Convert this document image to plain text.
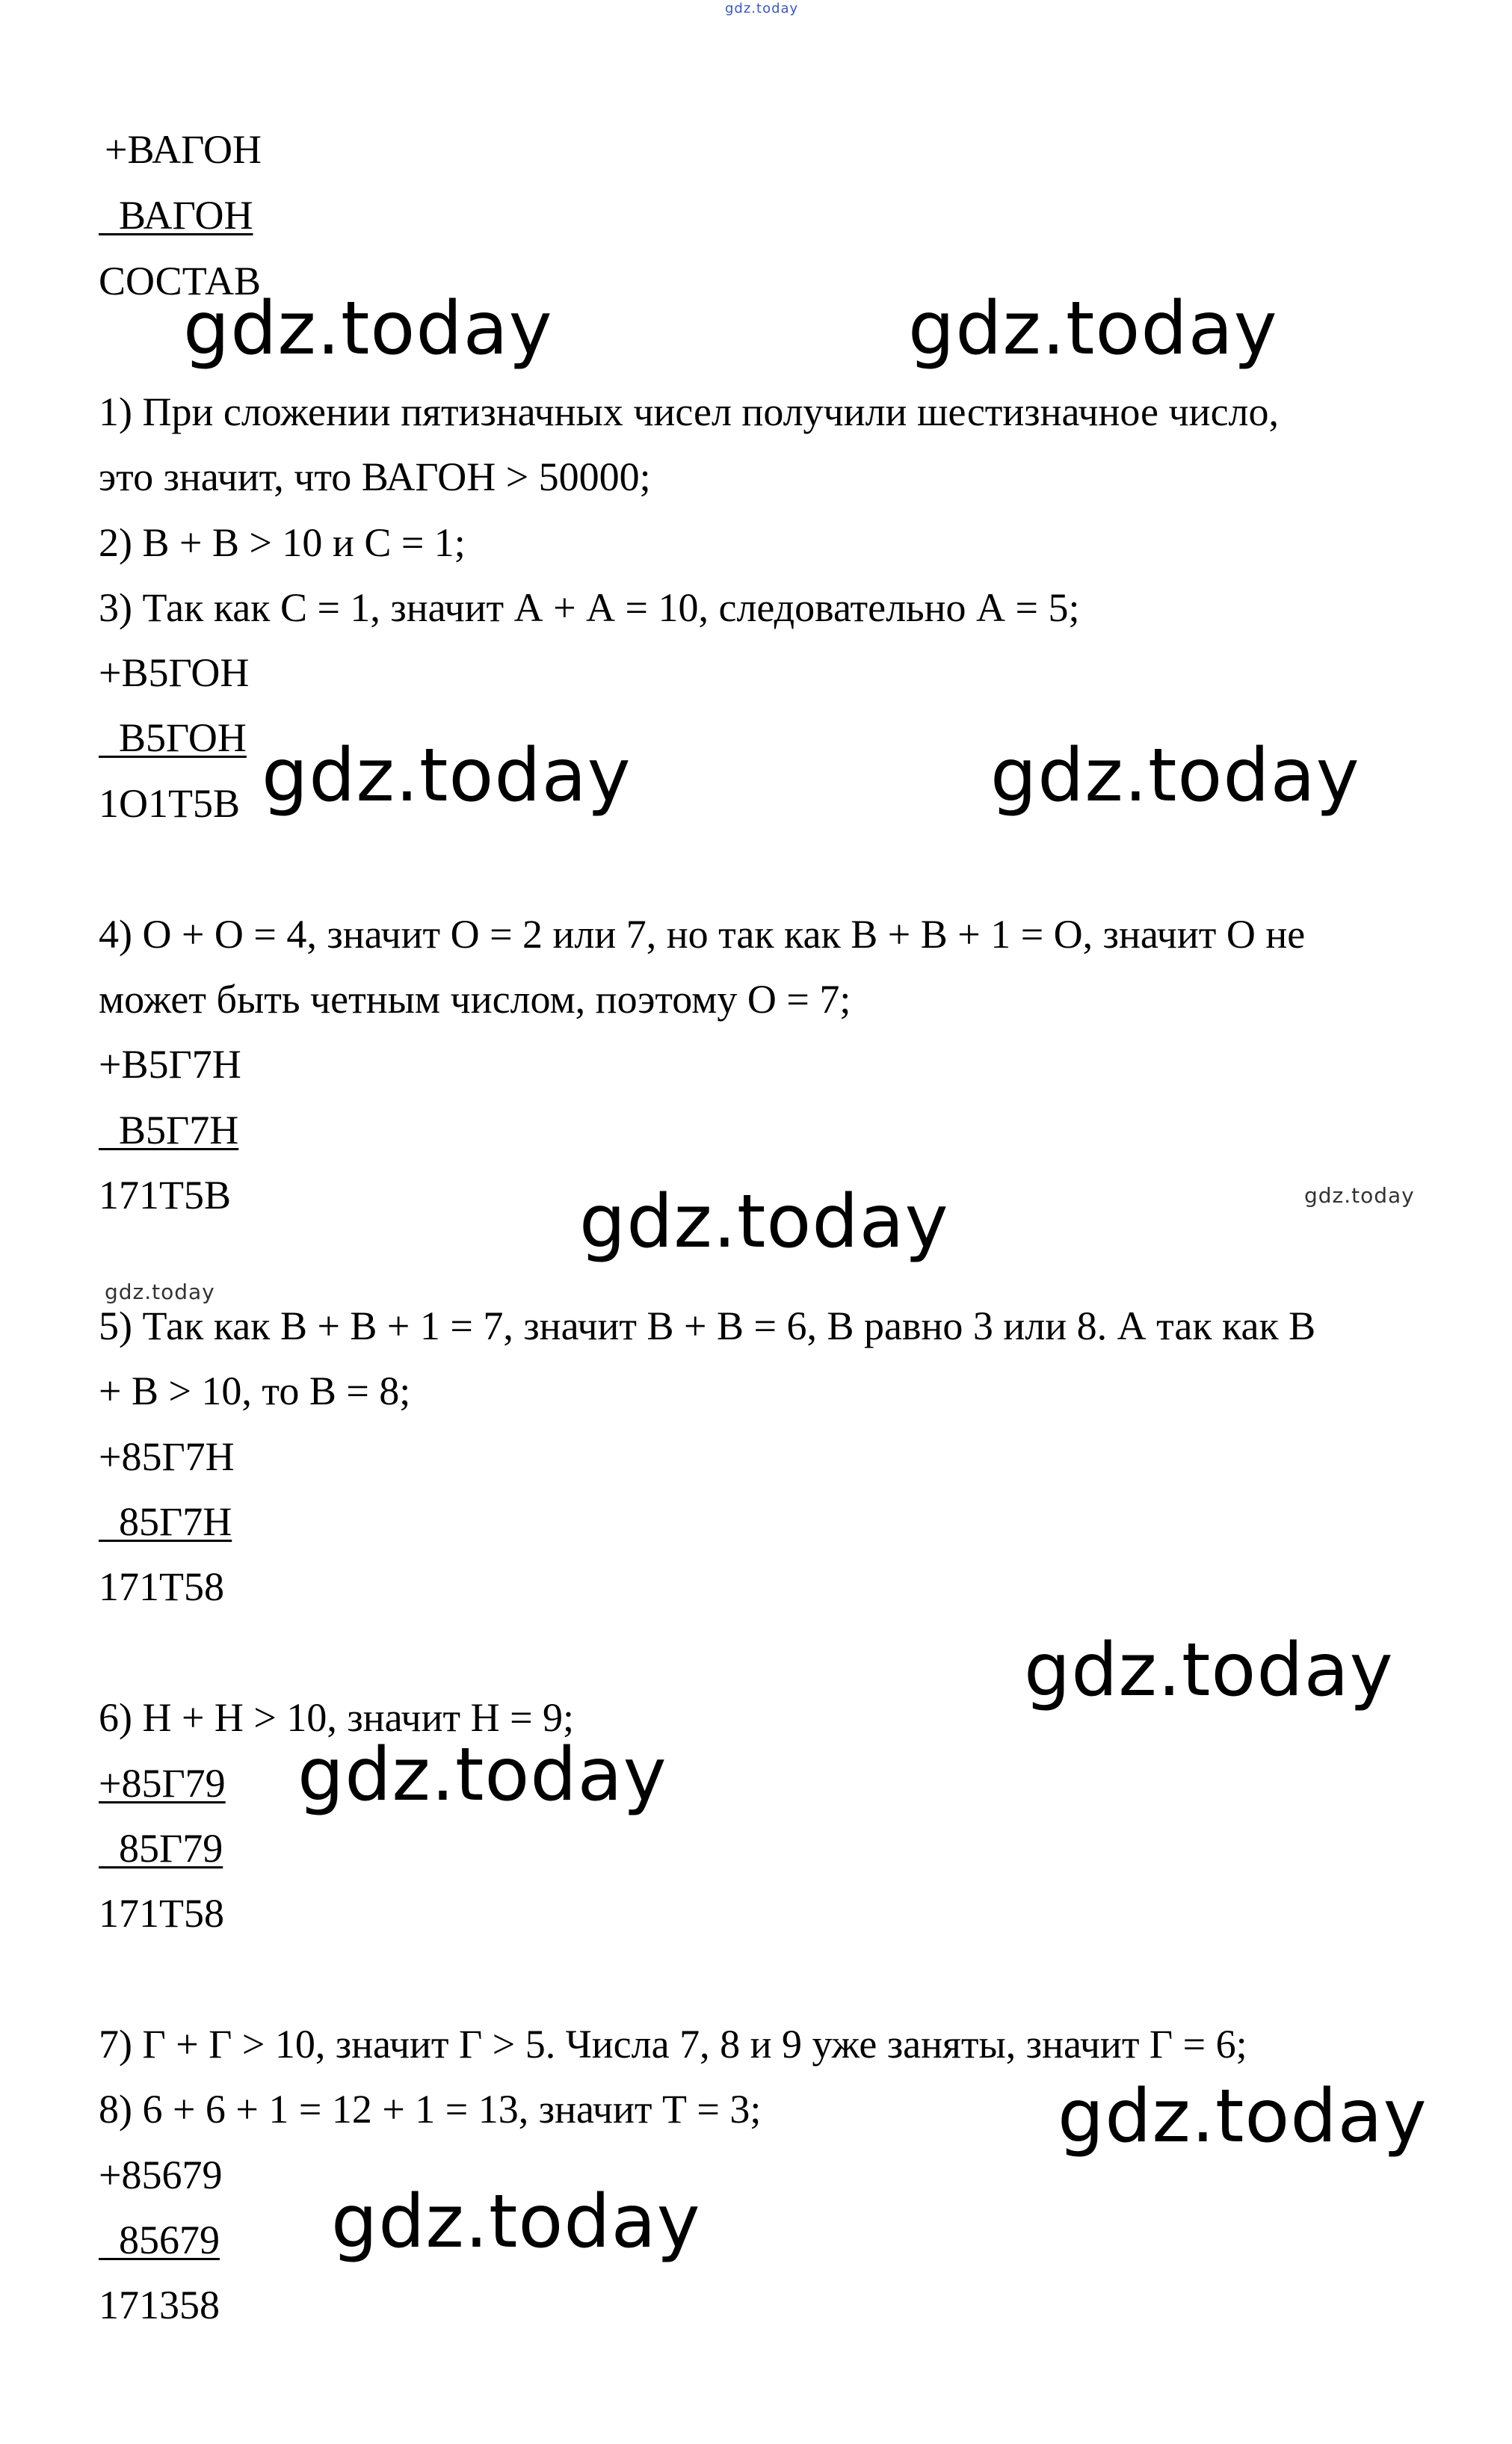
gdz.today
+ВАГОН
ВАГОН
СОСТАВ
1) При сложении пятизначных чисел получили шестизначное число,
это значит, что ВАГОН > 50000;
2) В + В > 10 и С = 1;
3) Так как С = 1, значит А + А = 10, следовательно А = 5;
+В5ГОН
В5ГОН
1О1Т5В
4) О + О = 4, значит О = 2 или 7, но так как В + В + 1 = О, значит О не
может быть четным числом, поэтому О = 7;
+В5Г7Н
В5Г7Н
171Т5В
5) Так как В + В + 1 = 7, значит В + В = 6, В равно 3 или 8. А так как В
+ В > 10, то В = 8;
+85Г7Н
85Г7Н
171Т58
6) Н + Н > 10, значит Н = 9;
+85Г79
85Г79
171Т58
7) Г + Г > 10, значит Г > 5. Числа 7, 8 и 9 уже заняты, значит Г = 6;
8) 6 + 6 + 1 = 12 + 1 = 13, значит Т = 3;
+85679
85679
171358
gdz.today	gdz.today
gdz.today	gdz.today
gdz.today	gdz.today
gdz.today
gdz.today
gdz.today
gdz.today
gdz.today
